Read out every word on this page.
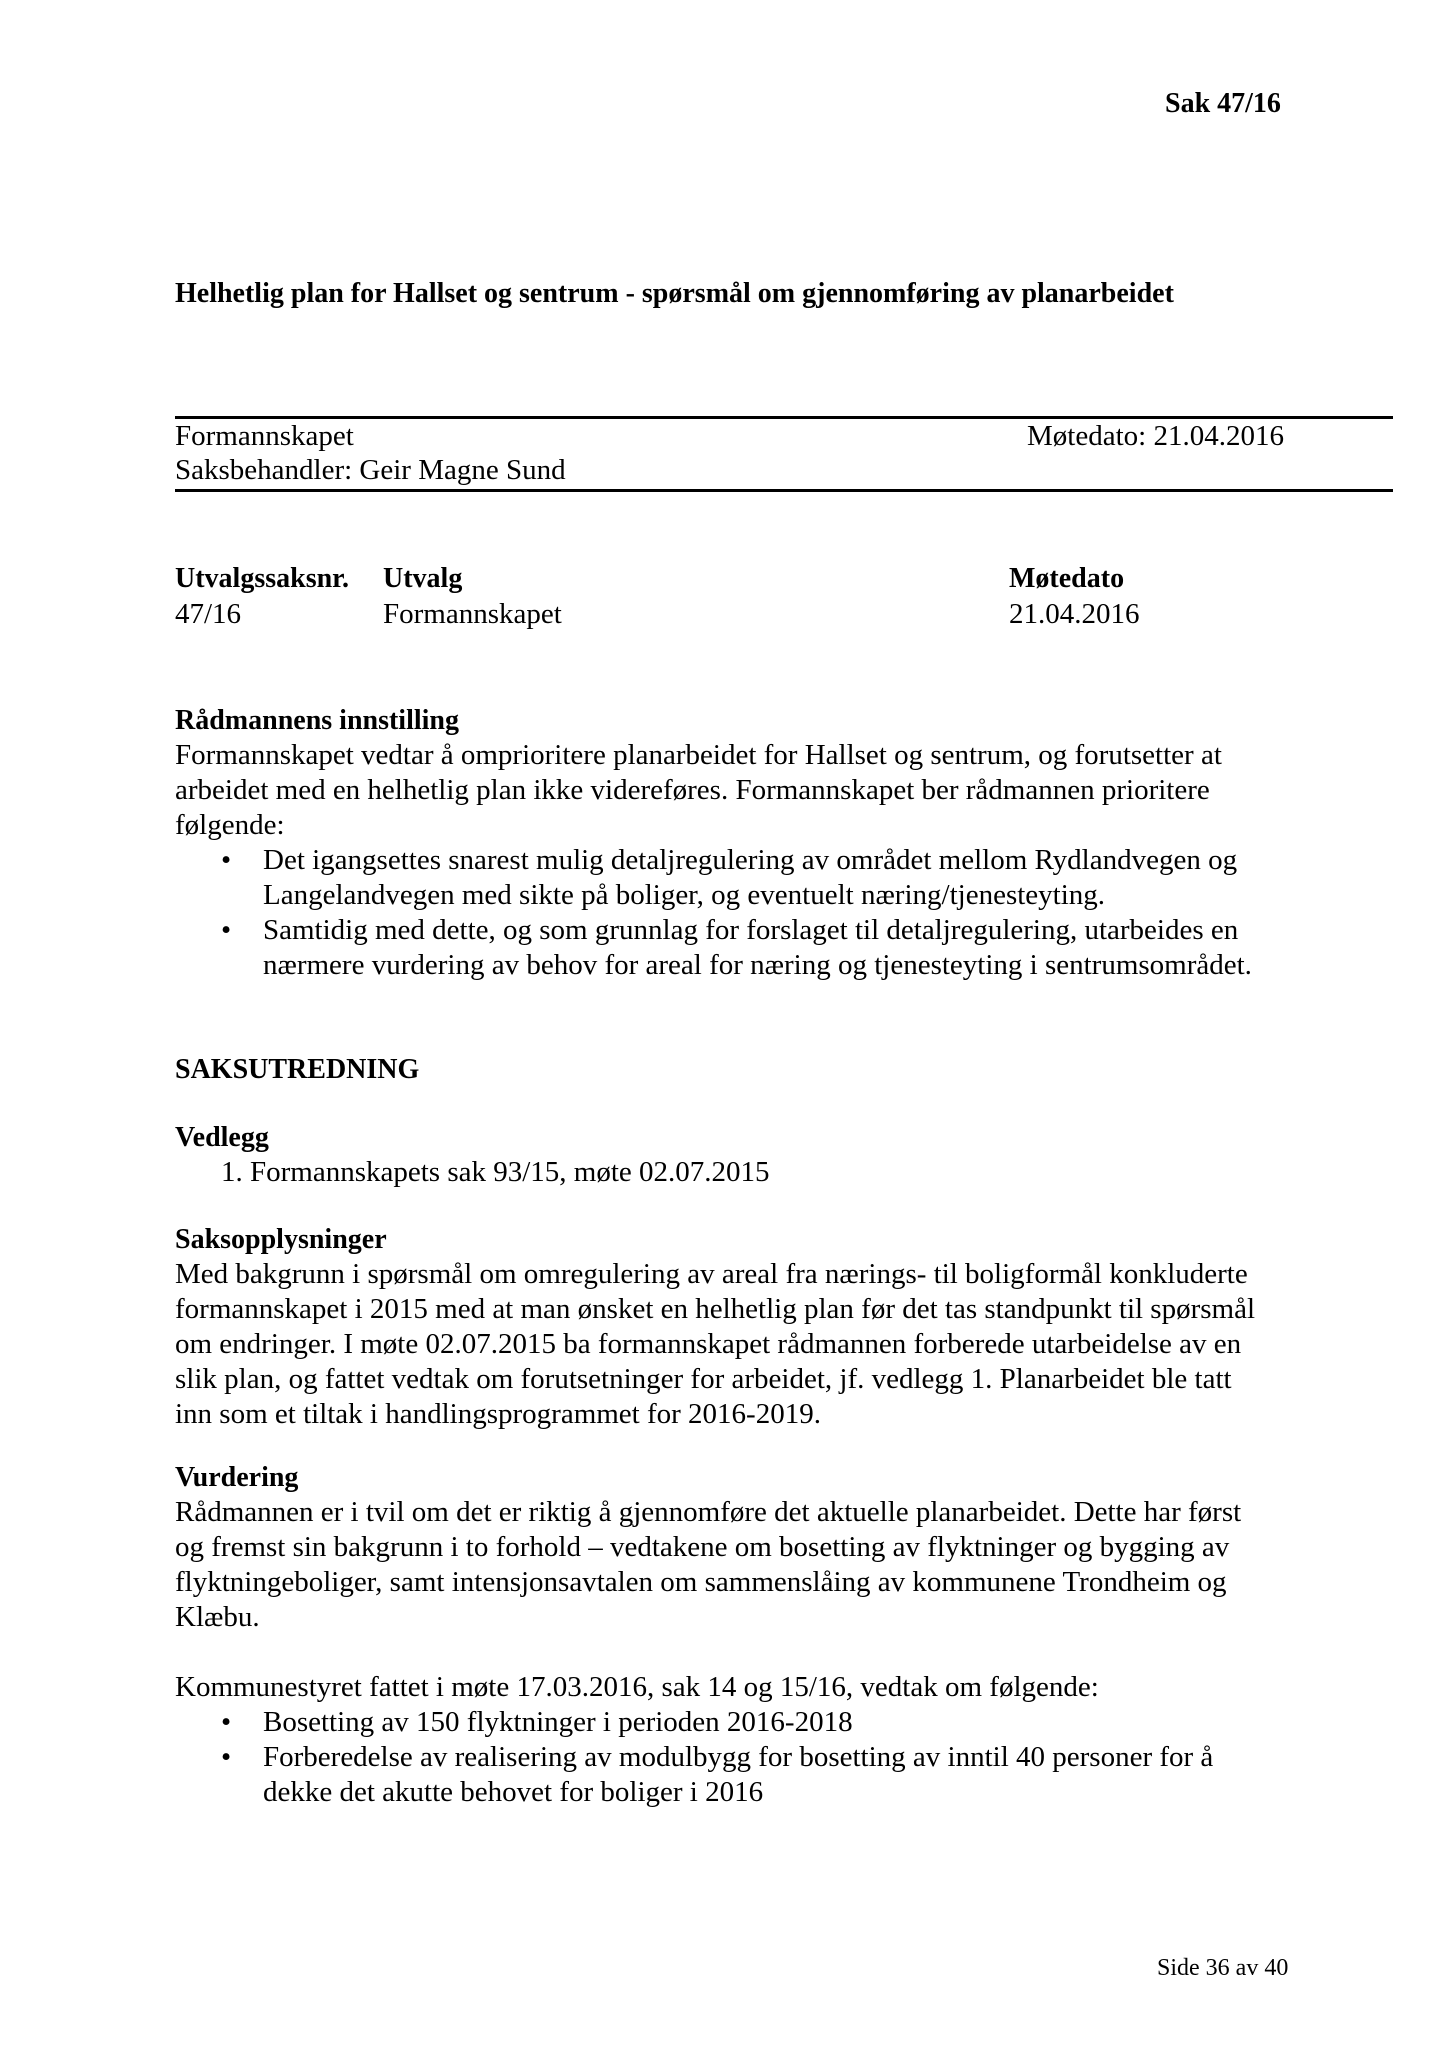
Sak 47/16
Helhetlig plan for Hallset og sentrum - spørsmål om gjennomføring av planarbeidet
Formannskapet	Møtedato: 21.04.2016
Saksbehandler: Geir Magne Sund
Utvalgssaksnr. Utvalg	Møtedato
47/16	Formannskapet	21.04.2016
Rådmannens innstilling
Formannskapet vedtar å omprioritere planarbeidet for Hallset og sentrum, og forutsetter at
arbeidet med en helhetlig plan ikke videreføres. Formannskapet ber rådmannen prioritere
følgende:
• Det igangsettes snarest mulig detaljregulering av området mellom Rydlandvegen og
Langelandvegen med sikte på boliger, og eventuelt næring/tjenesteyting.
• Samtidig med dette, og som grunnlag for forslaget til detaljregulering, utarbeides en
nærmere vurdering av behov for areal for næring og tjenesteyting i sentrumsområdet.
SAKSUTREDNING
Vedlegg
1. Formannskapets sak 93/15, møte 02.07.2015
Saksopplysninger
Med bakgrunn i spørsmål om omregulering av areal fra nærings- til boligformål konkluderte
formannskapet i 2015 med at man ønsket en helhetlig plan før det tas standpunkt til spørsmål
om endringer. I møte 02.07.2015 ba formannskapet rådmannen forberede utarbeidelse av en
slik plan, og fattet vedtak om forutsetninger for arbeidet, jf. vedlegg 1. Planarbeidet ble tatt
inn som et tiltak i handlingsprogrammet for 2016-2019.
Vurdering
Rådmannen er i tvil om det er riktig å gjennomføre det aktuelle planarbeidet. Dette har først
og fremst sin bakgrunn i to forhold – vedtakene om bosetting av flyktninger og bygging av
flyktningeboliger, samt intensjonsavtalen om sammenslåing av kommunene Trondheim og
Klæbu.
Kommunestyret fattet i møte 17.03.2016, sak 14 og 15/16, vedtak om følgende:
• Bosetting av 150 flyktninger i perioden 2016-2018
• Forberedelse av realisering av modulbygg for bosetting av inntil 40 personer for å
dekke det akutte behovet for boliger i 2016
Side 36 av 40
